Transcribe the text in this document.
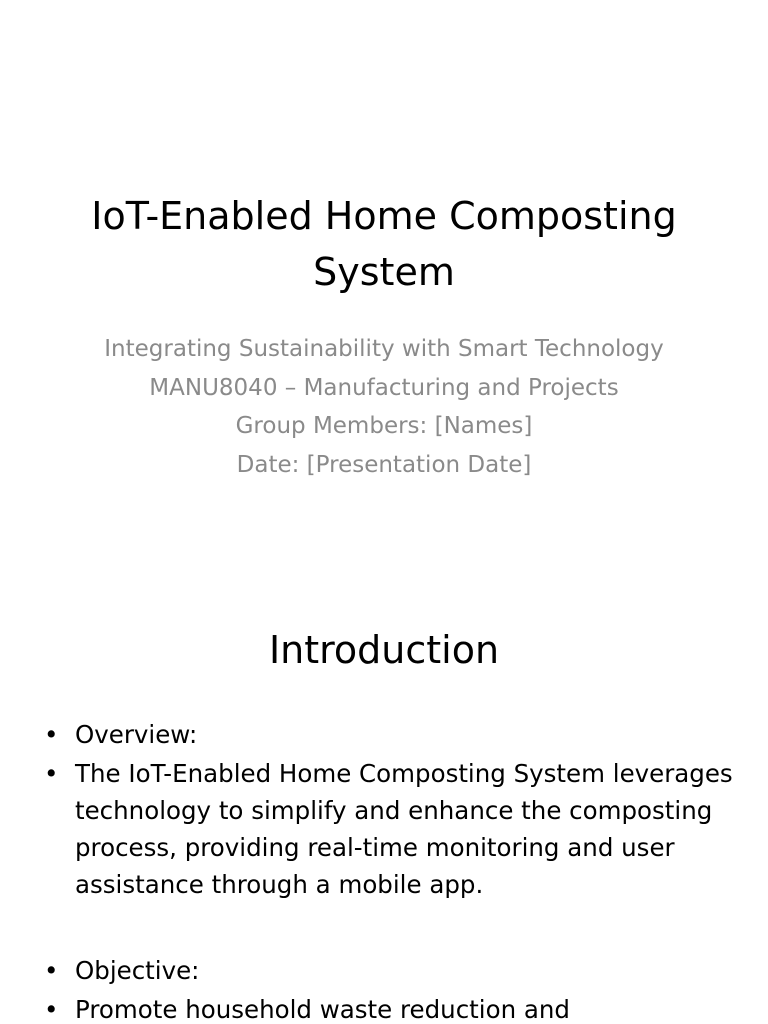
IoT-Enabled Home Composting System
Integrating Sustainability with Smart Technology
MANU8040 – Manufacturing and Projects
Group Members: [Names]
Date: [Presentation Date]
Introduction
• Overview:
• The IoT-Enabled Home Composting System leverages technology to simplify and enhance the composting process, providing real-time monitoring and user assistance through a mobile app.
• Objective:
• Promote household waste reduction and
